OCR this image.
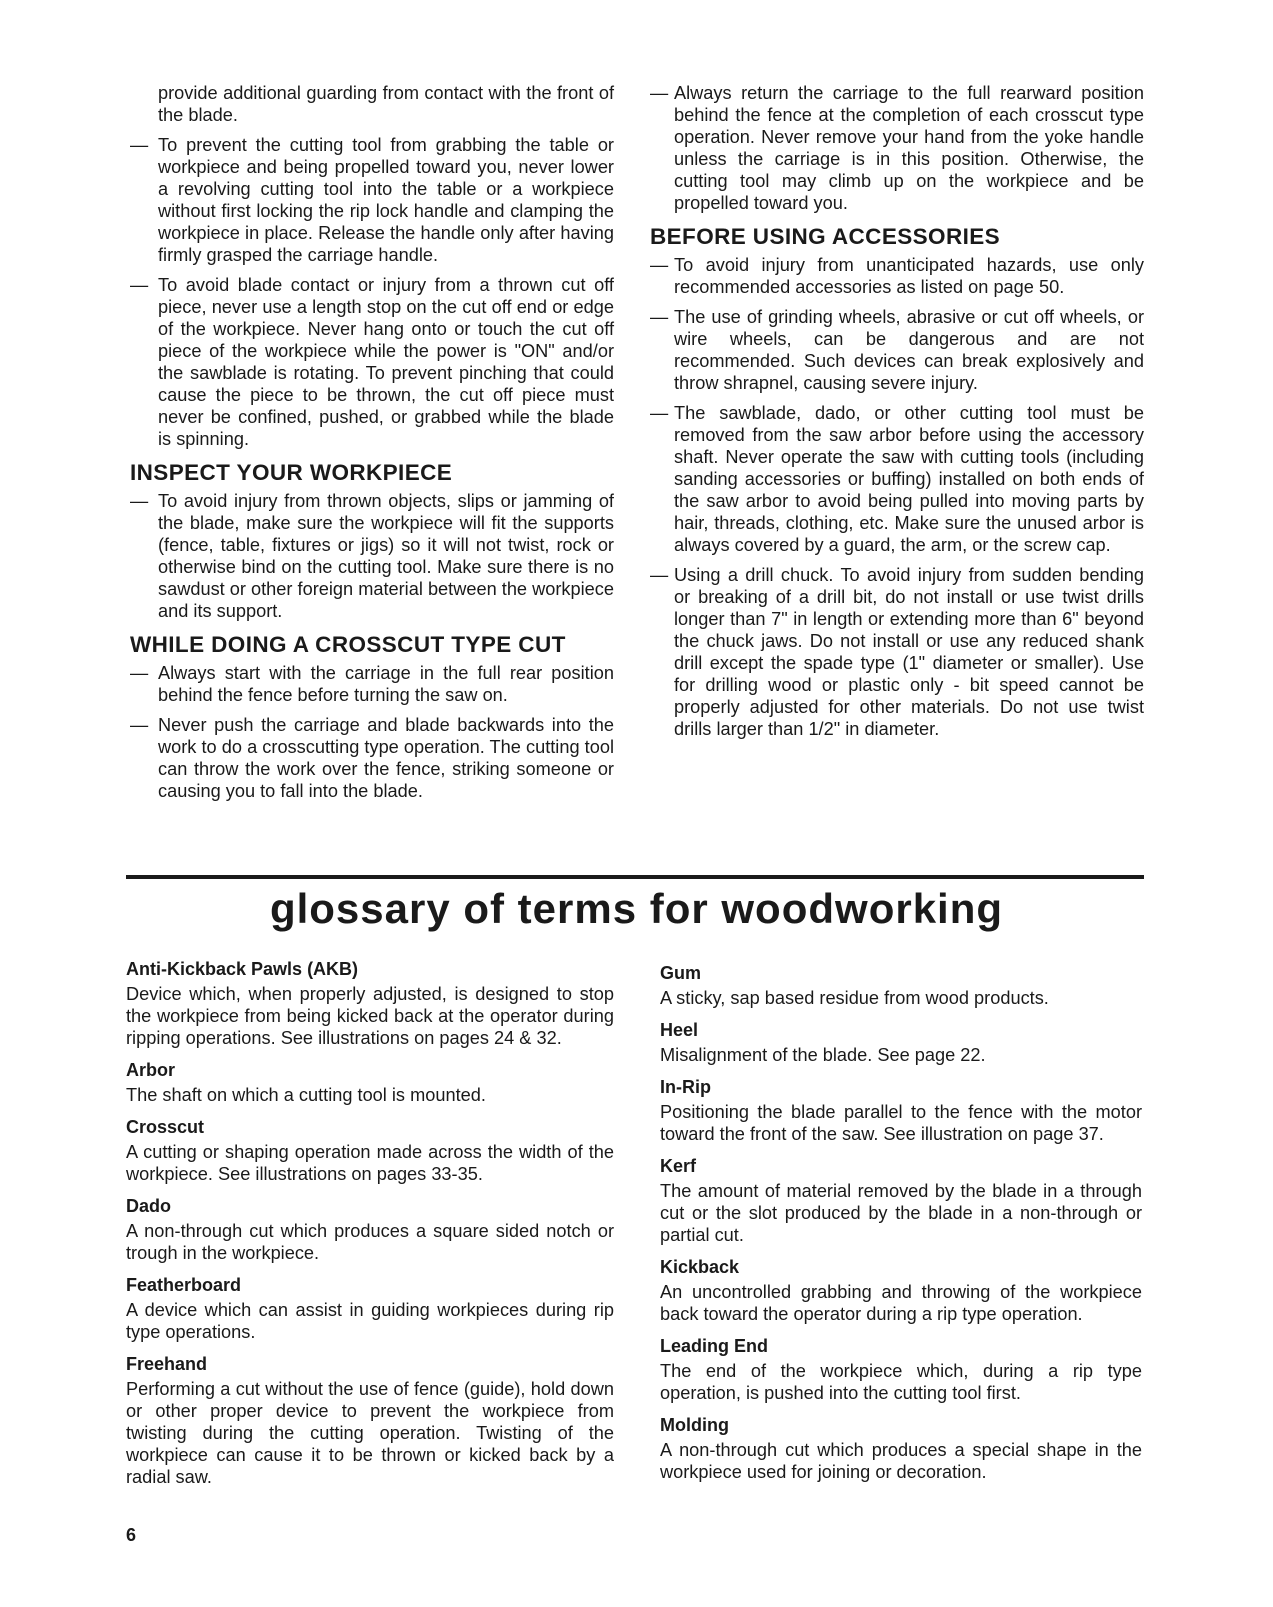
provide additional guarding from contact with the front of the blade.

— To prevent the cutting tool from grabbing the table or workpiece and being propelled toward you, never lower a revolving cutting tool into the table or a workpiece without first locking the rip lock handle and clamping the workpiece in place. Release the handle only after having firmly grasped the carriage handle.
— To avoid blade contact or injury from a thrown cut off piece, never use a length stop on the cut off end or edge of the workpiece. Never hang onto or touch the cut off piece of the workpiece while the power is "ON" and/or the sawblade is rotating. To prevent pinching that could cause the piece to be thrown, the cut off piece must never be confined, pushed, or grabbed while the blade is spinning.
INSPECT YOUR WORKPIECE
— To avoid injury from thrown objects, slips or jamming of the blade, make sure the workpiece will fit the supports (fence, table, fixtures or jigs) so it will not twist, rock or otherwise bind on the cutting tool. Make sure there is no sawdust or other foreign material between the workpiece and its support.
WHILE DOING A CROSSCUT TYPE CUT
— Always start with the carriage in the full rear position behind the fence before turning the saw on.
— Never push the carriage and blade backwards into the work to do a crosscutting type operation. The cutting tool can throw the work over the fence, striking someone or causing you to fall into the blade.
— Always return the carriage to the full rearward position behind the fence at the completion of each crosscut type operation. Never remove your hand from the yoke handle unless the carriage is in this position. Otherwise, the cutting tool may climb up on the workpiece and be propelled toward you.
BEFORE USING ACCESSORIES
— To avoid injury from unanticipated hazards, use only recommended accessories as listed on page 50.
— The use of grinding wheels, abrasive or cut off wheels, or wire wheels, can be dangerous and are not recommended. Such devices can break explosively and throw shrapnel, causing severe injury.
— The sawblade, dado, or other cutting tool must be removed from the saw arbor before using the accessory shaft. Never operate the saw with cutting tools (including sanding accessories or buffing) installed on both ends of the saw arbor to avoid being pulled into moving parts by hair, threads, clothing, etc. Make sure the unused arbor is always covered by a guard, the arm, or the screw cap.
— Using a drill chuck. To avoid injury from sudden bending or breaking of a drill bit, do not install or use twist drills longer than 7" in length or extending more than 6" beyond the chuck jaws. Do not install or use any reduced shank drill except the spade type (1" diameter or smaller). Use for drilling wood or plastic only - bit speed cannot be properly adjusted for other materials. Do not use twist drills larger than 1/2" in diameter.
glossary of terms for woodworking

Anti-Kickback Pawls (AKB)

Device which, when properly adjusted, is designed to stop the workpiece from being kicked back at the operator during ripping operations. See illustrations on pages 24 & 32.

Arbor

The shaft on which a cutting tool is mounted.

Crosscut

A cutting or shaping operation made across the width of the workpiece. See illustrations on pages 33-35.

Dado

A non-through cut which produces a square sided notch or trough in the workpiece.

Featherboard

A device which can assist in guiding workpieces during rip type operations.

Freehand

Performing a cut without the use of fence (guide), hold down or other proper device to prevent the workpiece from twisting during the cutting operation. Twisting of the workpiece can cause it to be thrown or kicked back by a radial saw.

Gum

A sticky, sap based residue from wood products.

Heel

Misalignment of the blade. See page 22.

In-Rip

Positioning the blade parallel to the fence with the motor toward the front of the saw. See illustration on page 37.

Kerf

The amount of material removed by the blade in a through cut or the slot produced by the blade in a non-through or partial cut.

Kickback

An uncontrolled grabbing and throwing of the workpiece back toward the operator during a rip type operation.

Leading End

The end of the workpiece which, during a rip type operation, is pushed into the cutting tool first.

Molding

A non-through cut which produces a special shape in the workpiece used for joining or decoration.

6
